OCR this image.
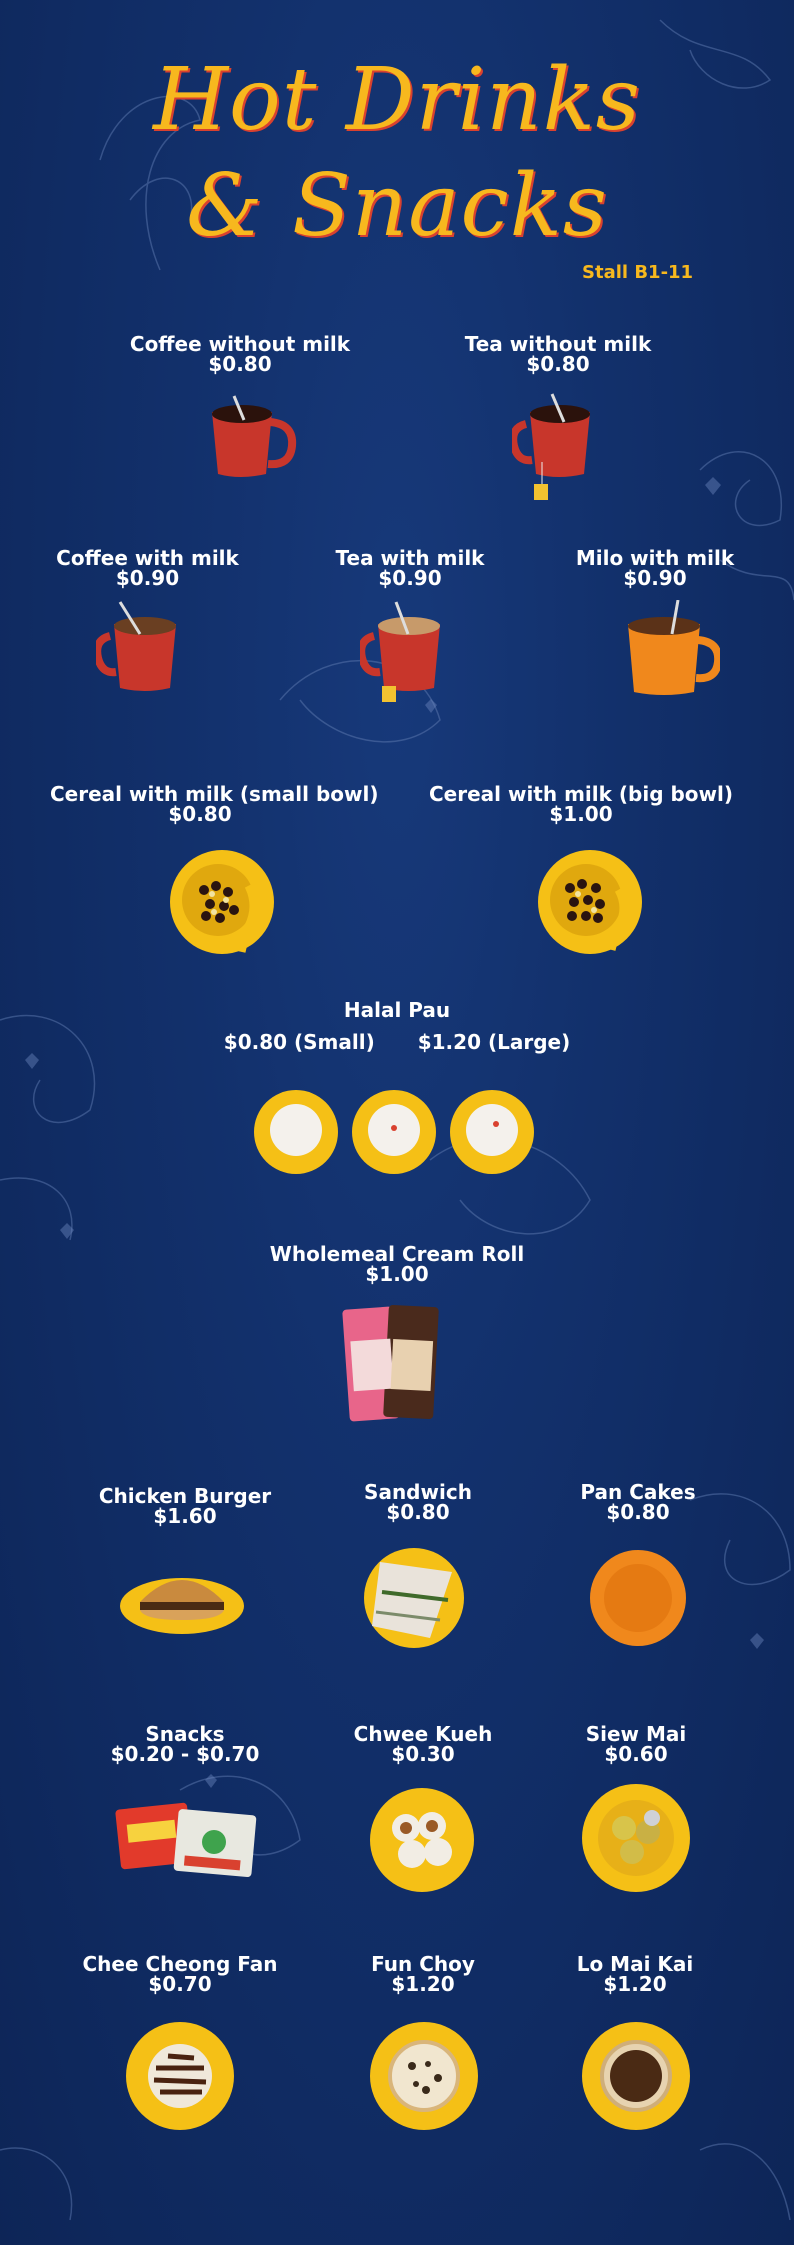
Hot Drinks
& Snacks
Stall B1-11
Coffee without milk
$0.80
Tea without milk
$0.80
Coffee with milk
$0.90
Tea with milk
$0.90
Milo with milk
$0.90
Cereal with milk (small bowl)
$0.80
Cereal with milk (big bowl)
$1.00
Halal Pau
$0.80 (Small) $1.20 (Large)
Wholemeal Cream Roll
$1.00
Chicken Burger
$1.60
Sandwich
$0.80
Pan Cakes
$0.80
Snacks
$0.20 - $0.70
Chwee Kueh
$0.30
Siew Mai
$0.60
Chee Cheong Fan
$0.70
Fun Choy
$1.20
Lo Mai Kai
$1.20
